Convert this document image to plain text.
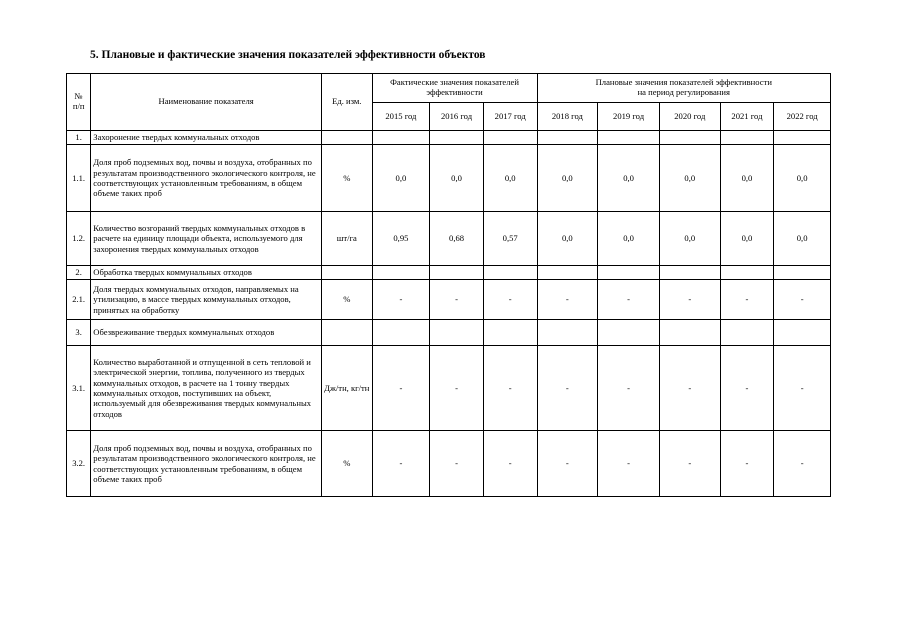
5. Плановые и фактические значения показателей эффективности объектов
№
п/п	Наименование показателя	Ед. изм.	Фактические значения показателей эффективности			Плановые значения показателей эффективности
на период регулирования				
			2015 год	2016 год	2017 год	2018 год	2019 год	2020 год	2021 год	2022 год
1.	Захоронение твердых коммунальных отходов									
1.1.	Доля проб подземных вод, почвы и воздуха, отобранных по результатам производственного экологического контроля, не соответствующих установленным требованиям, в общем объеме таких проб	%	0,0	0,0	0,0	0,0	0,0	0,0	0,0	0,0
1.2.	Количество возгораний твердых коммунальных отходов в расчете на единицу площади объекта, используемого для захоронения твердых коммунальных отходов	шт/га	0,95	0,68	0,57	0,0	0,0	0,0	0,0	0,0
2.	Обработка твердых коммунальных отходов									
2.1.	Доля твердых коммунальных отходов, направляемых на утилизацию, в массе твердых коммунальных отходов, принятых на обработку	%	-	-	-	-	-	-	-	-
3.	Обезвреживание твердых коммунальных отходов									
3.1.	Количество выработанной и отпущенной в сеть тепловой и электрической энергии, топлива, полученного из твердых коммунальных отходов, в расчете на 1 тонну твердых коммунальных отходов, поступивших на объект, используемый для обезвреживания твердых коммунальных отходов	Дж/тн, кг/тн	-	-	-	-	-	-	-	-
3.2.	Доля проб подземных вод, почвы и воздуха, отобранных по результатам производственного экологического контроля, не соответствующих установленным требованиям, в общем объеме таких проб	%	-	-	-	-	-	-	-	-
